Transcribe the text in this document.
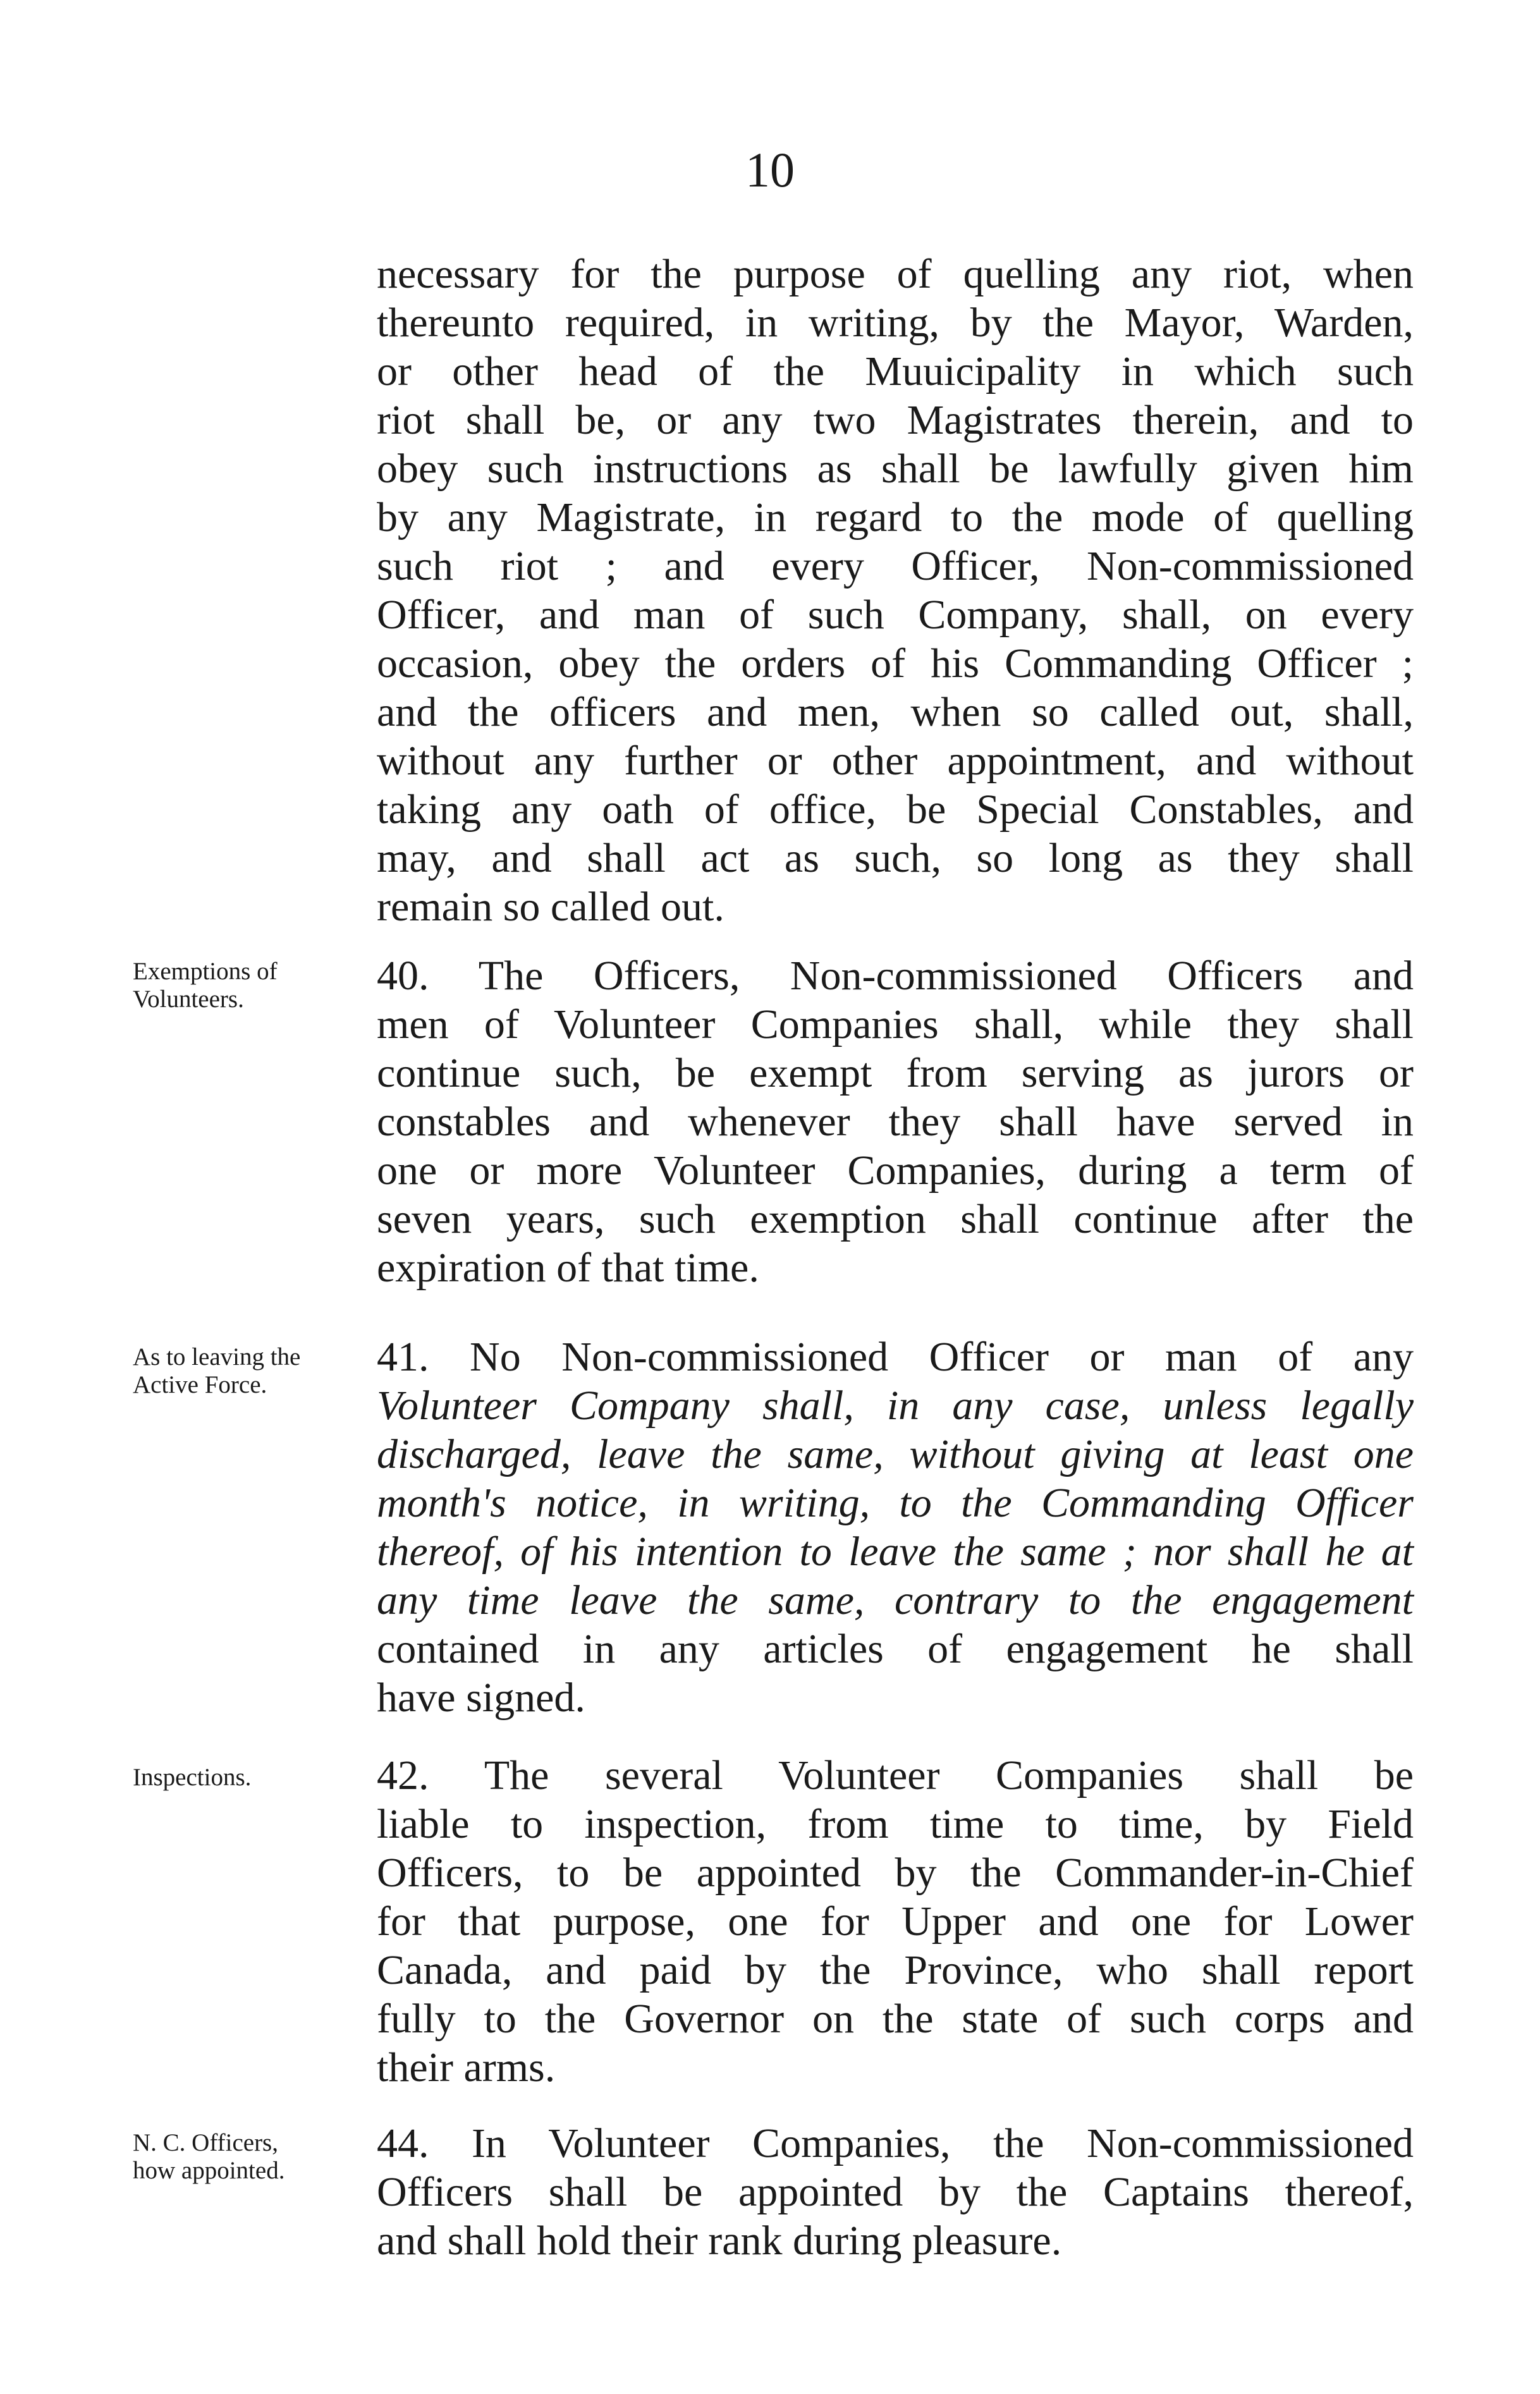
10
necessary for the purpose of quelling any riot, when
thereunto required, in writing, by the Mayor, Warden,
or other head of the Muuicipality in which such
riot shall be, or any two Magistrates therein, and to
obey such instructions as shall be lawfully given him
by any Magistrate, in regard to the mode of quelling
such riot ; and every Officer, Non-commissioned
Officer, and man of such Company, shall, on every
occasion, obey the orders of his Commanding Officer ;
and the officers and men, when so called out, shall,
without any further or other appointment, and without
taking any oath of office, be Special Constables, and
may, and shall act as such, so long as they shall
remain so called out.
Exemptions of
Volunteers.
40. The Officers, Non-commissioned Officers and
men of Volunteer Companies shall, while they shall
continue such, be exempt from serving as jurors or
constables and whenever they shall have served in
one or more Volunteer Companies, during a term of
seven years, such exemption shall continue after the
expiration of that time.
As to leaving the
Active Force.
41. No Non-commissioned Officer or man of any
Volunteer Company shall, in any case, unless legally
discharged, leave the same, without giving at least one
month's notice, in writing, to the Commanding Officer
thereof, of his intention to leave the same ; nor shall he at
any time leave the same, contrary to the engagement
contained in any articles of engagement he shall
have signed.
Inspections.	42. The several Volunteer Companies shall be
liable to inspection, from time to time, by Field
Officers, to be appointed by the Commander-in-Chief
for that purpose, one for Upper and one for Lower
Canada, and paid by the Province, who shall report
fully to the Governor on the state of such corps and
their arms.
N. C. Officers,
how appointed.
44. In Volunteer Companies, the Non-commissioned
Officers shall be appointed by the Captains thereof,
and shall hold their rank during pleasure.
